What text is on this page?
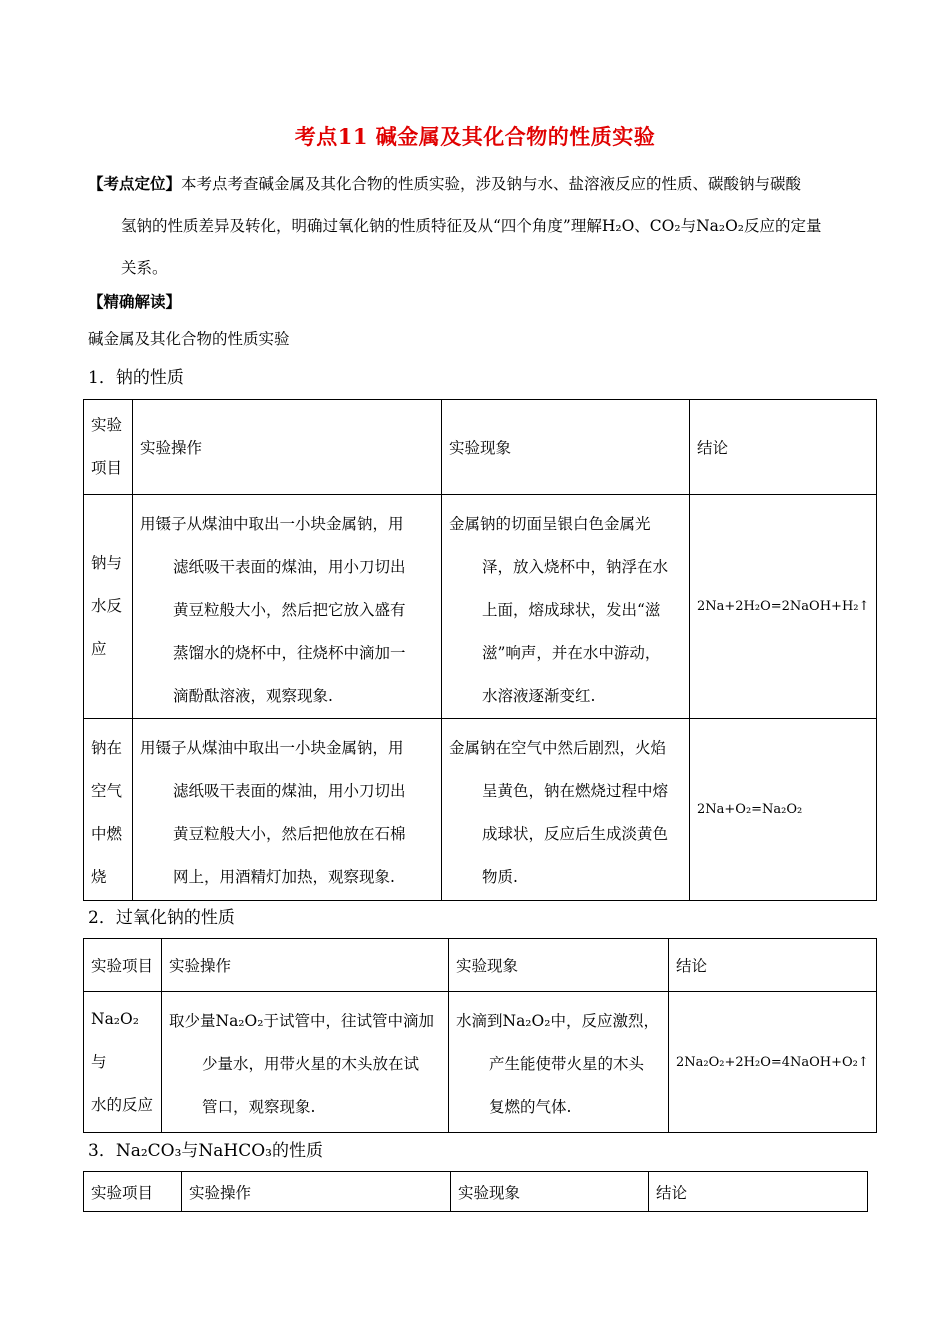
考点11 碱金属及其化合物的性质实验
【考点定位】本考点考查碱金属及其化合物的性质实验，涉及钠与水、盐溶液反应的性质、碳酸钠与碳酸
氢钠的性质差异及转化，明确过氧化钠的性质特征及从“四个角度”理解H₂O、CO₂与Na₂O₂反应的定量
关系。
【精确解读】
碱金属及其化合物的性质实验
1．钠的性质
实验
项目	实验操作	实验现象	结论

钠与
水反
应	用镊子从煤油中取出一小块金属钠，用
滤纸吸干表面的煤油，用小刀切出
黄豆粒般大小，然后把它放入盛有
蒸馏水的烧杯中，往烧杯中滴加一
滴酚酞溶液，观察现象.	金属钠的切面呈银白色金属光
泽，放入烧杯中，钠浮在水
上面，熔成球状，发出“滋
滋”响声，并在水中游动，
水溶液逐渐变红.	2Na+2H₂O=2NaOH+H₂↑

钠在
空气
中燃
烧	用镊子从煤油中取出一小块金属钠，用
滤纸吸干表面的煤油，用小刀切出
黄豆粒般大小，然后把他放在石棉
网上，用酒精灯加热，观察现象.	金属钠在空气中然后剧烈，火焰
呈黄色，钠在燃烧过程中熔
成球状，反应后生成淡黄色
物质.	2Na+O₂=Na₂O₂
2．过氧化钠的性质
实验项目	实验操作	实验现象	结论

Na₂O₂与
水的反应	取少量Na₂O₂于试管中，往试管中滴加
少量水，用带火星的木头放在试
管口，观察现象.	水滴到Na₂O₂中，反应激烈，
产生能使带火星的木头
复燃的气体.	2Na₂O₂+2H₂O=4NaOH+O₂↑
3．Na₂CO₃与NaHCO₃的性质
实验项目	实验操作	实验现象	结论
